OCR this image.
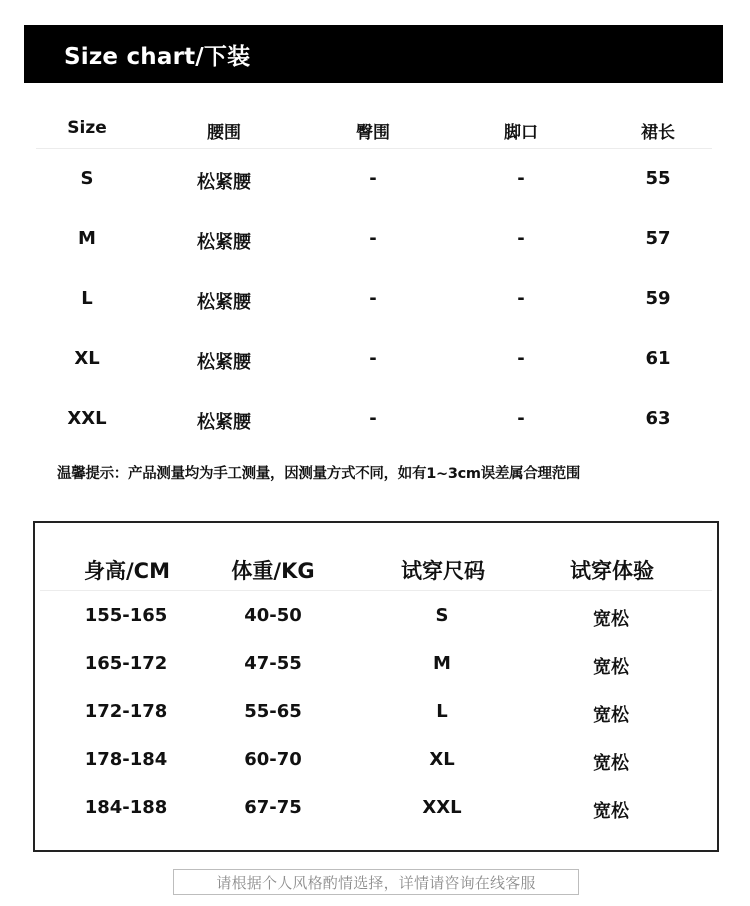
Size chart/下装
Size	腰围	臀围	脚口	裙长
S	松紧腰	-	-	55
M	松紧腰	-	-	57
L	松紧腰	-	-	59
XL	松紧腰	-	-	61
XXL	松紧腰	-	-	63
温馨提示：产品测量均为手工测量，因测量方式不同，如有1~3cm误差属合理范围
身高/CM	体重/KG	试穿尺码	试穿体验
155-165	40-50	S	宽松
165-172	47-55	M	宽松
172-178	55-65	L	宽松
178-184	60-70	XL	宽松
184-188	67-75	XXL	宽松
请根据个人风格酌情选择，详情请咨询在线客服
